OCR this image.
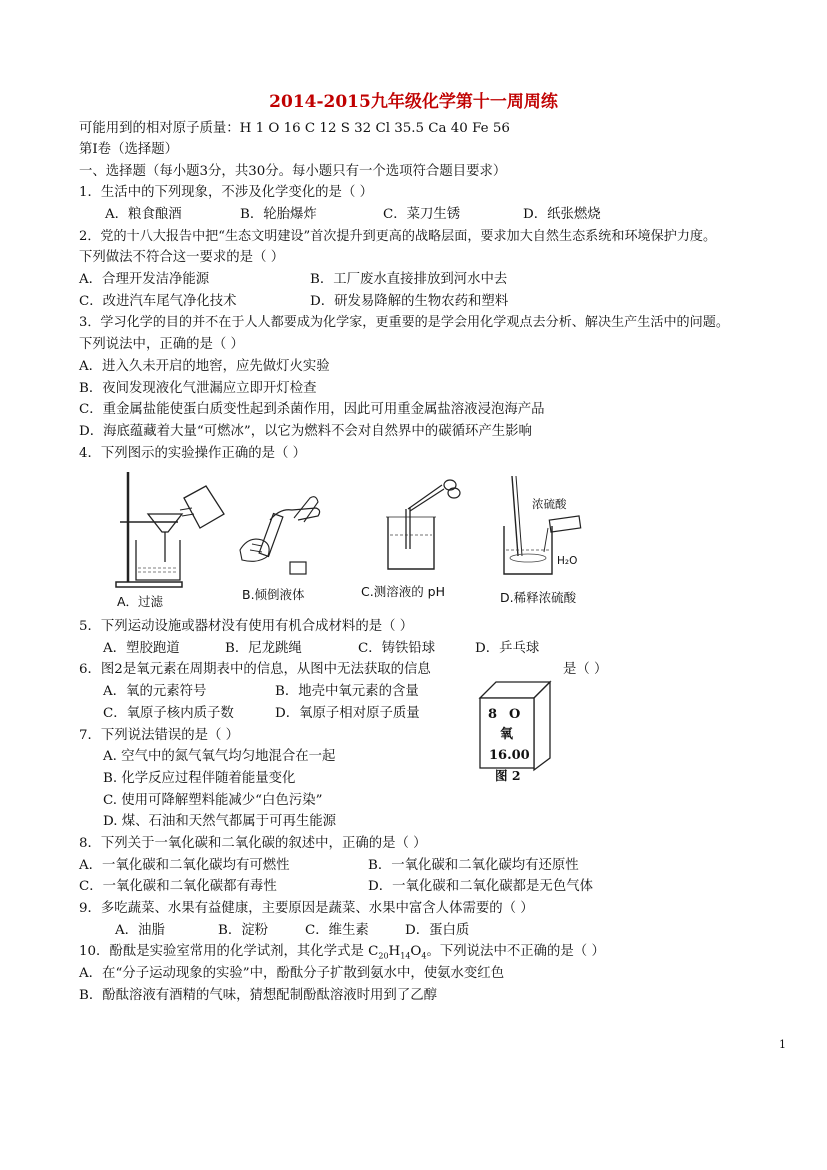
2014-2015九年级化学第十一周周练
可能用到的相对原子质量：H 1 O 16 C 12 S 32 Cl 35.5 Ca 40 Fe 56
第Ⅰ卷（选择题）
一、选择题（每小题3分，共30分。每小题只有一个选项符合题目要求）
1．生活中的下列现象，不涉及化学变化的是（ ）
A．粮食酿酒	B．轮胎爆炸	C．菜刀生锈	D．纸张燃烧
2．党的十八大报告中把“生态文明建设”首次提升到更高的战略层面，要求加大自然生态系统和环境保护力度。
下列做法不符合这一要求的是（ ）
A．合理开发洁净能源	B．工厂废水直接排放到河水中去
C．改进汽车尾气净化技术	D．研发易降解的生物农药和塑料
3．学习化学的目的并不在于人人都要成为化学家，更重要的是学会用化学观点去分析、解决生产生活中的问题。
下列说法中，正确的是（ ）
A．进入久未开启的地窖，应先做灯火实验
B．夜间发现液化气泄漏应立即开灯检查
C．重金属盐能使蛋白质变性起到杀菌作用，因此可用重金属盐溶液浸泡海产品
D．海底蕴藏着大量“可燃冰”，以它为燃料不会对自然界中的碳循环产生影响
4．下列图示的实验操作正确的是（ ）
A．过滤	B.倾倒液体	C.测溶液的 pH
浓硫酸
H₂O
D.稀释浓硫酸
5．下列运动设施或器材没有使用有机合成材料的是（ ）
A．塑胶跑道	B．尼龙跳绳	C．铸铁铅球	D．乒乓球
6．图2是氧元素在周期表中的信息，从图中无法获取的信息	是（ ）
A．氧的元素符号	B．地壳中氧元素的含量
C．氧原子核内质子数	D．氧原子相对原子质量	8 O
氧
16.00
图 2
7．下列说法错误的是（ ）
A. 空气中的氮气氧气均匀地混合在一起
B. 化学反应过程伴随着能量变化
C. 使用可降解塑料能减少“白色污染”
D. 煤、石油和天然气都属于可再生能源
8．下列关于一氧化碳和二氧化碳的叙述中，正确的是（ ）
A．一氧化碳和二氧化碳均有可燃性	B．一氧化碳和二氧化碳均有还原性
C．一氧化碳和二氧化碳都有毒性	D．一氧化碳和二氧化碳都是无色气体
9．多吃蔬菜、水果有益健康，主要原因是蔬菜、水果中富含人体需要的（ ）
A．油脂	B．淀粉	C．维生素	D．蛋白质
10．酚酞是实验室常用的化学试剂，其化学式是 $C_{20}H_{14}O_4$。下列说法中不正确的是（ ）
A．在“分子运动现象的实验”中，酚酞分子扩散到氨水中，使氨水变红色
B．酚酞溶液有酒精的气味，猜想配制酚酞溶液时用到了乙醇
1
